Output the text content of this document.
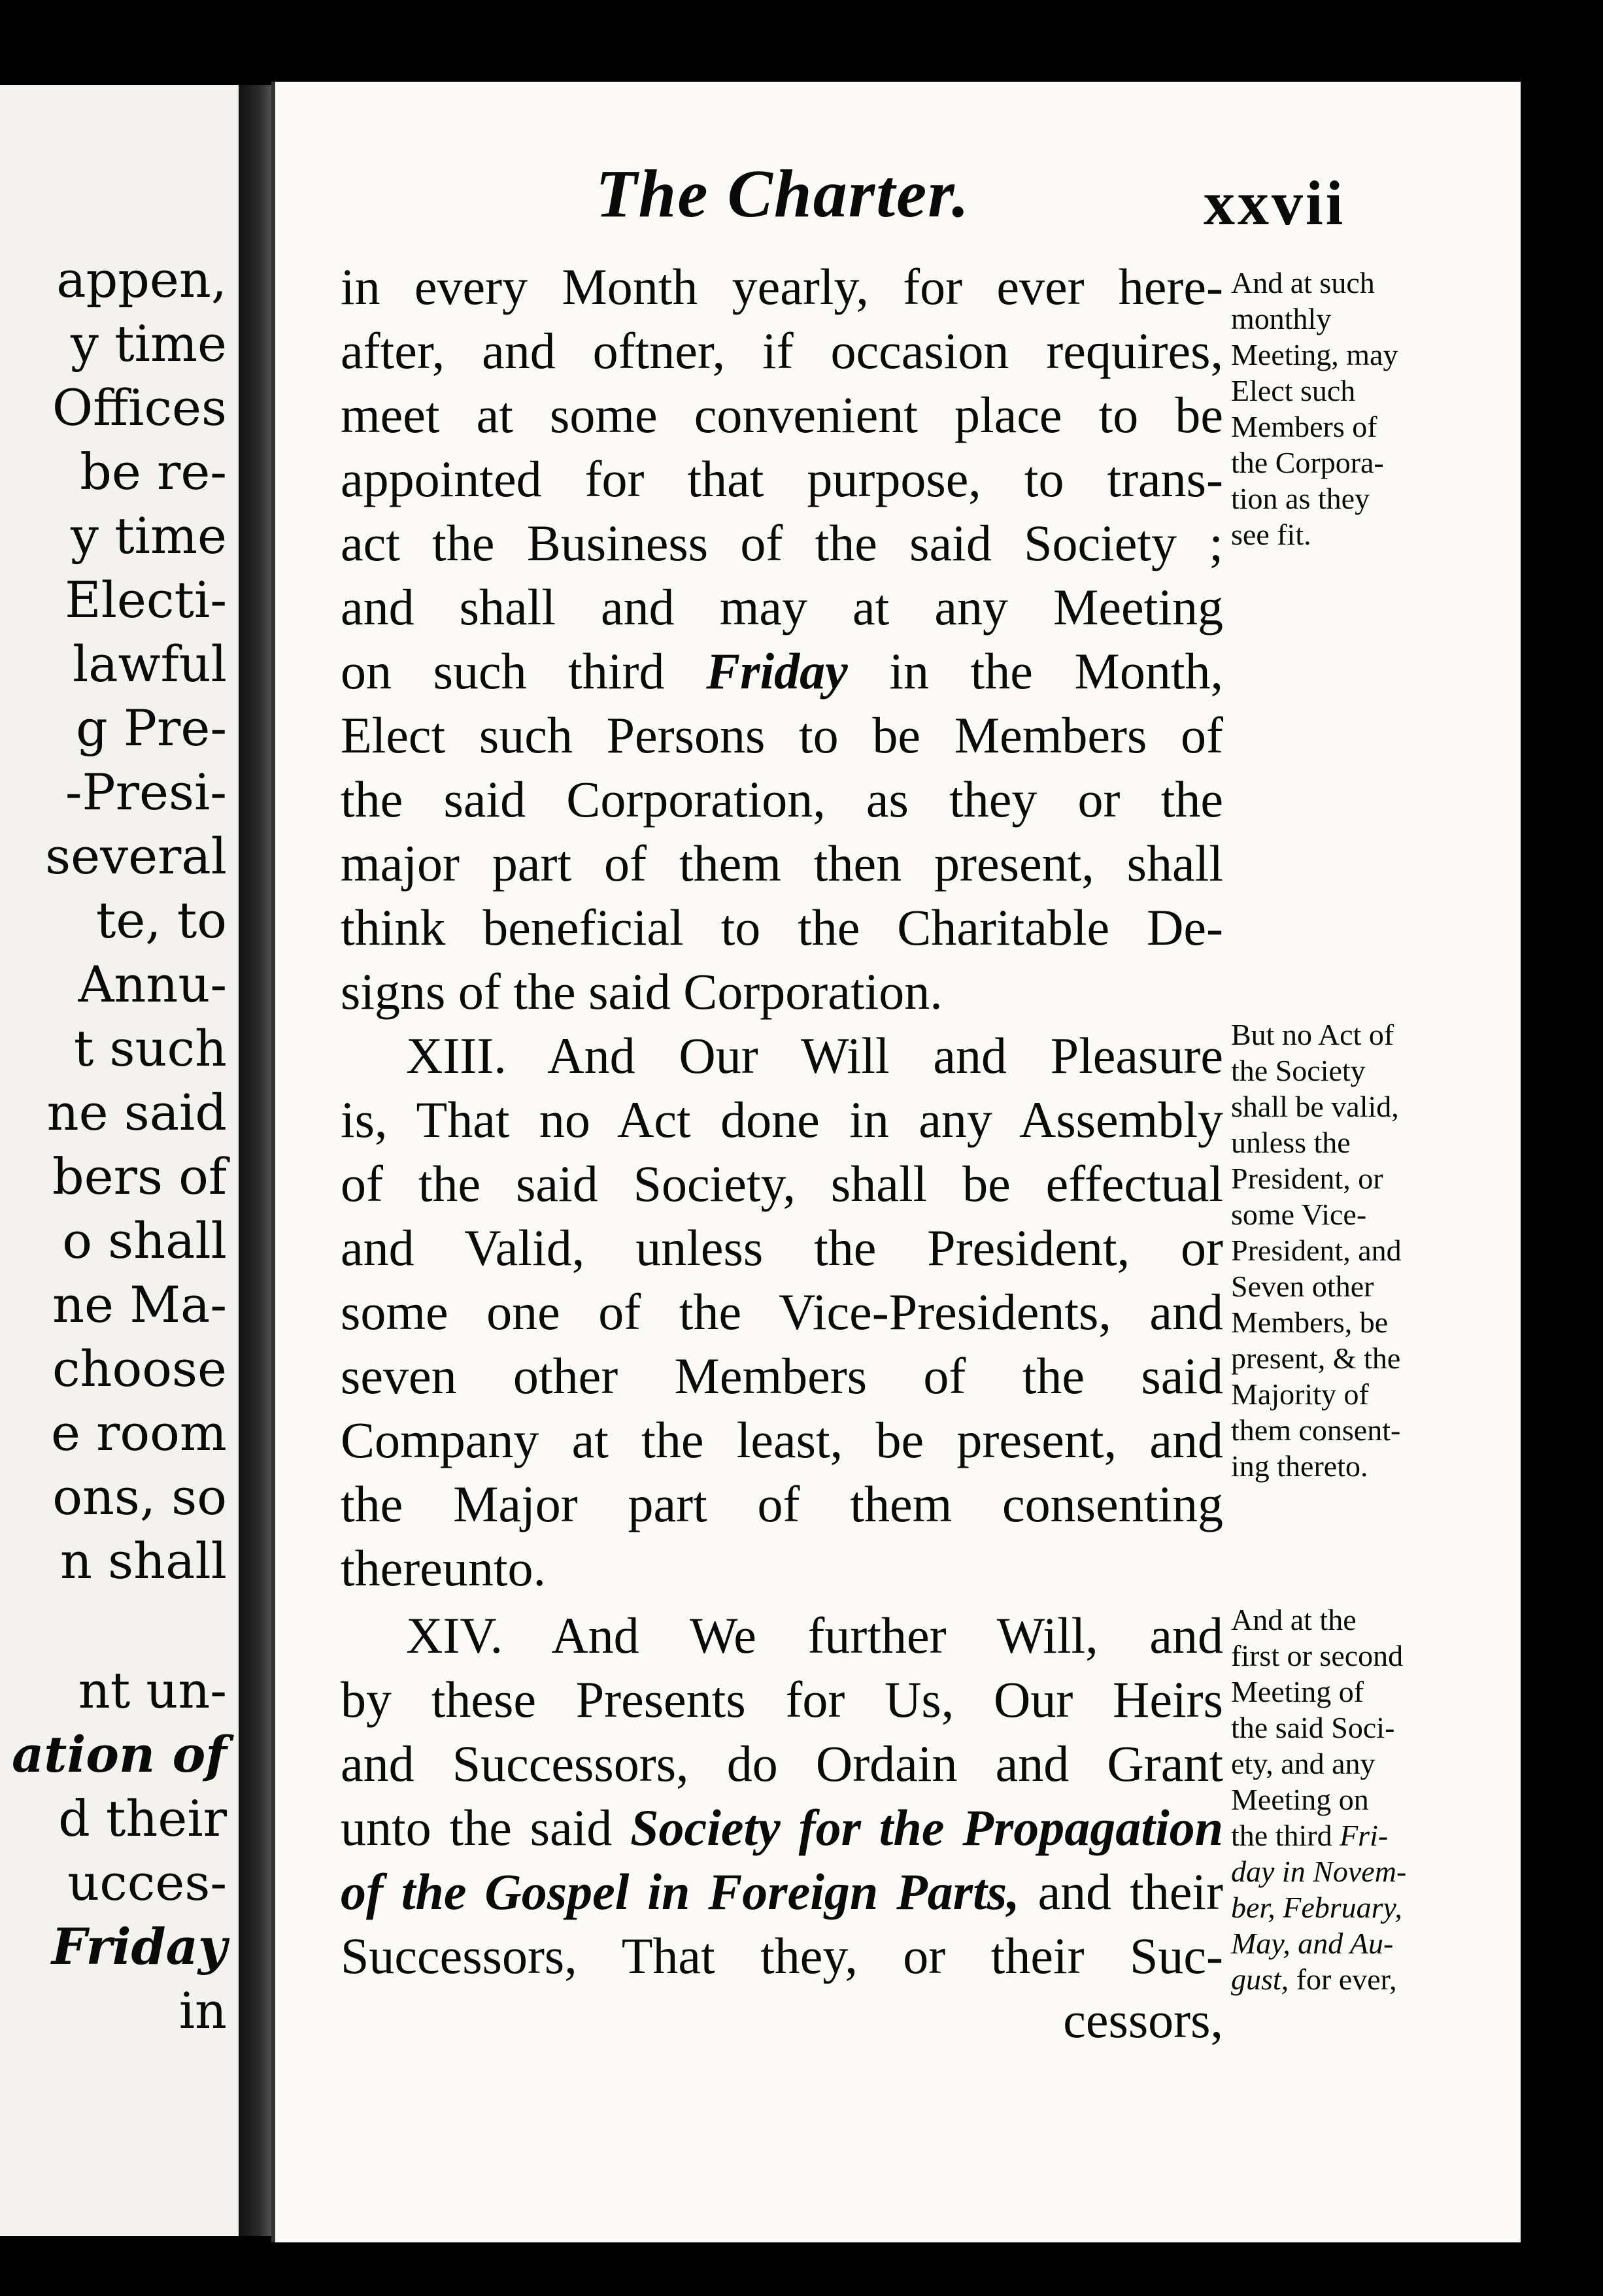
appen,
y time
Offices
be re-
y time
Electi-
lawful
g Pre-
-Presi-
several
te, to
Annu-
t such
ne said
bers of
o shall
ne Ma-
choose
e room
ons, so
n shall
nt un-
ation of
d their
ucces-
Friday
in
The Charter.	xxvii
in every Month yearly, for ever here-
after, and oftner, if occasion requires,
meet at some convenient place to be
appointed for that purpose, to trans-
act the Business of the said Society ;
and shall and may at any Meeting
on such third Friday in the Month,
Elect such Persons to be Members of
the said Corporation, as they or the
major part of them then present, shall
think beneficial to the Charitable De-
signs of the said Corporation.
XIII. And Our Will and Pleasure
is, That no Act done in any Assembly
of the said Society, shall be effectual
and Valid, unless the President, or
some one of the Vice-Presidents, and
seven other Members of the said
Company at the least, be present, and
the Major part of them consenting
thereunto.
XIV. And We further Will, and
by these Presents for Us, Our Heirs
and Successors, do Ordain and Grant
unto the said Society for the Propagation
of the Gospel in Foreign Parts, and their
Successors, That they, or their Suc-
cessors,
And at such
monthly
Meeting, may
Elect such
Members of
the Corpora-
tion as they
see fit.
But no Act of
the Society
shall be valid,
unless the
President, or
some Vice-
President, and
Seven other
Members, be
present, & the
Majority of
them consent-
ing thereto.
And at the
first or second
Meeting of
the said Soci-
ety, and any
Meeting on
the third Fri-
day in Novem-
ber, February,
May, and Au-
gust, for ever,
